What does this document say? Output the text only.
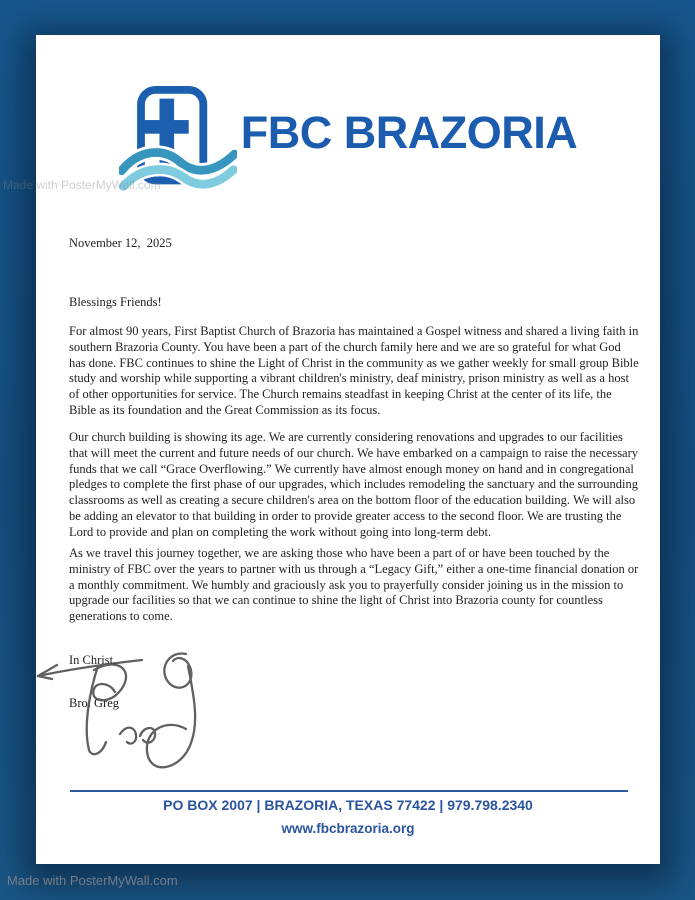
Made with PosterMyWall.com
FBC BRAZORIA
November 12,  2025
Blessings Friends!
For almost 90 years, First Baptist Church of Brazoria has maintained a Gospel witness and shared a living faith in southern Brazoria County. You have been a part of the church family here and we are so grateful for what God has done. FBC continues to shine the Light of Christ in the community as we gather weekly for small group Bible study and worship while supporting a vibrant children's ministry, deaf ministry, prison ministry as well as a host of other opportunities for service. The Church remains steadfast in keeping Christ at the center of its life, the Bible as its foundation and the Great Commission as its focus.
Our church building is showing its age. We are currently considering renovations and upgrades to our facilities that will meet the current and future needs of our church. We have embarked on a campaign to raise the necessary funds that we call “Grace Overflowing.” We currently have almost enough money on hand and in congregational pledges to complete the first phase of our upgrades, which includes remodeling the sanctuary and the surrounding classrooms as well as creating a secure children's area on the bottom floor of the education building. We will also be adding an elevator to that building in order to provide greater access to the second floor. We are trusting the Lord to provide and plan on completing the work without going into long-term debt.
As we travel this journey together, we are asking those who have been a part of or have been touched by the ministry of FBC over the years to partner with us through a “Legacy Gift,” either a one-time financial donation or a monthly commitment. We humbly and graciously ask you to prayerfully consider joining us in the mission to upgrade our facilities so that we can continue to shine the light of Christ into Brazoria county for countless generations to come.
In Christ,
Bro. Greg
PO BOX 2007 | BRAZORIA, TEXAS 77422 | 979.798.2340
www.fbcbrazoria.org
Made with PosterMyWall.com
